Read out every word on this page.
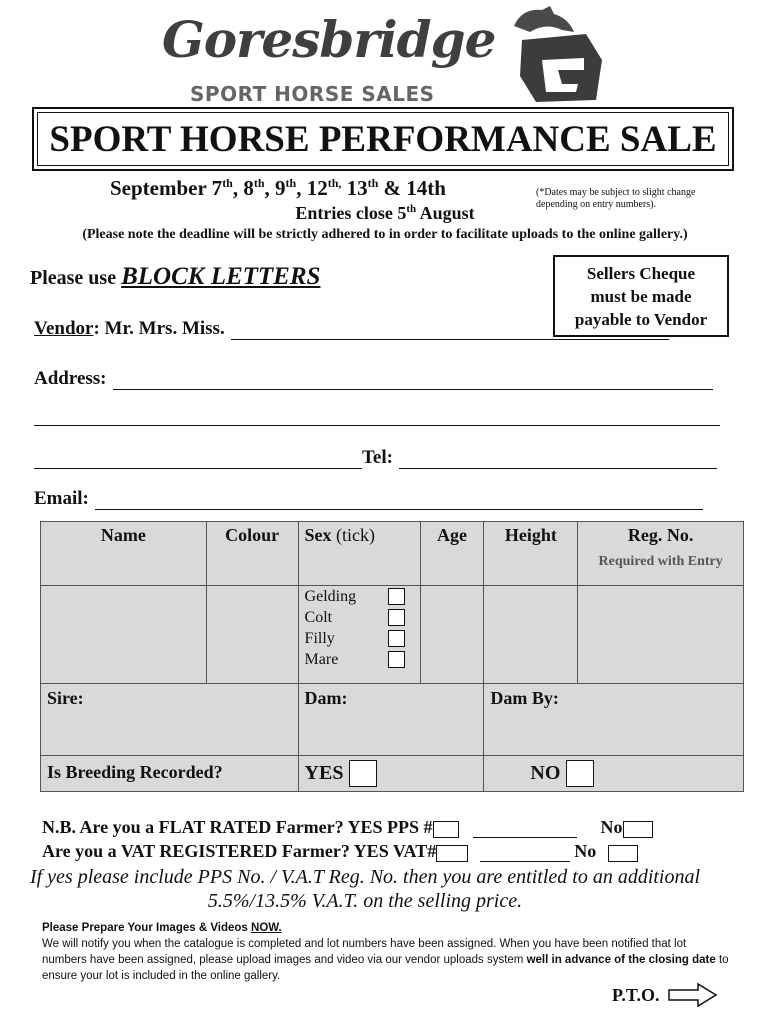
Goresbridge
SPORT HORSE SALES
SPORT HORSE PERFORMANCE SALE
September 7th, 8th, 9th, $12^{th,}$ 13th & 14th	(*Dates may be subject to slight change depending on entry numbers).
Entries close 5th August
(Please note the deadline will be strictly adhered to in order to facilitate uploads to the online gallery.)
Please use BLOCK LETTERS	Sellers Cheque
must be made
payable to Vendor
Vendor : Mr. Mrs. Miss.
Address:
Tel:
Email:
Name	Colour	Sex (tick)	Age	Height	Reg. No.
Required with Entry

		Gelding
Colt
Filly
Mare			

Sire:		Dam:		Dam By:	
Is Breeding Recorded?		YES		NO	
N.B. Are you a FLAT RATED Farmer? YES PPS #	No
Are you a VAT REGISTERED Farmer? YES VAT#	No
If yes please include PPS No. / V.A.T Reg. No. then you are entitled to an additional
5.5%/13.5% V.A.T. on the selling price.
Please Prepare Your Images & Videos NOW.
We will notify you when the catalogue is completed and lot numbers have been assigned. When you have been notified that lot numbers have been assigned, please upload images and video via our vendor uploads system well in advance of the closing date to ensure your lot is included in the online gallery.
P.T.O.
